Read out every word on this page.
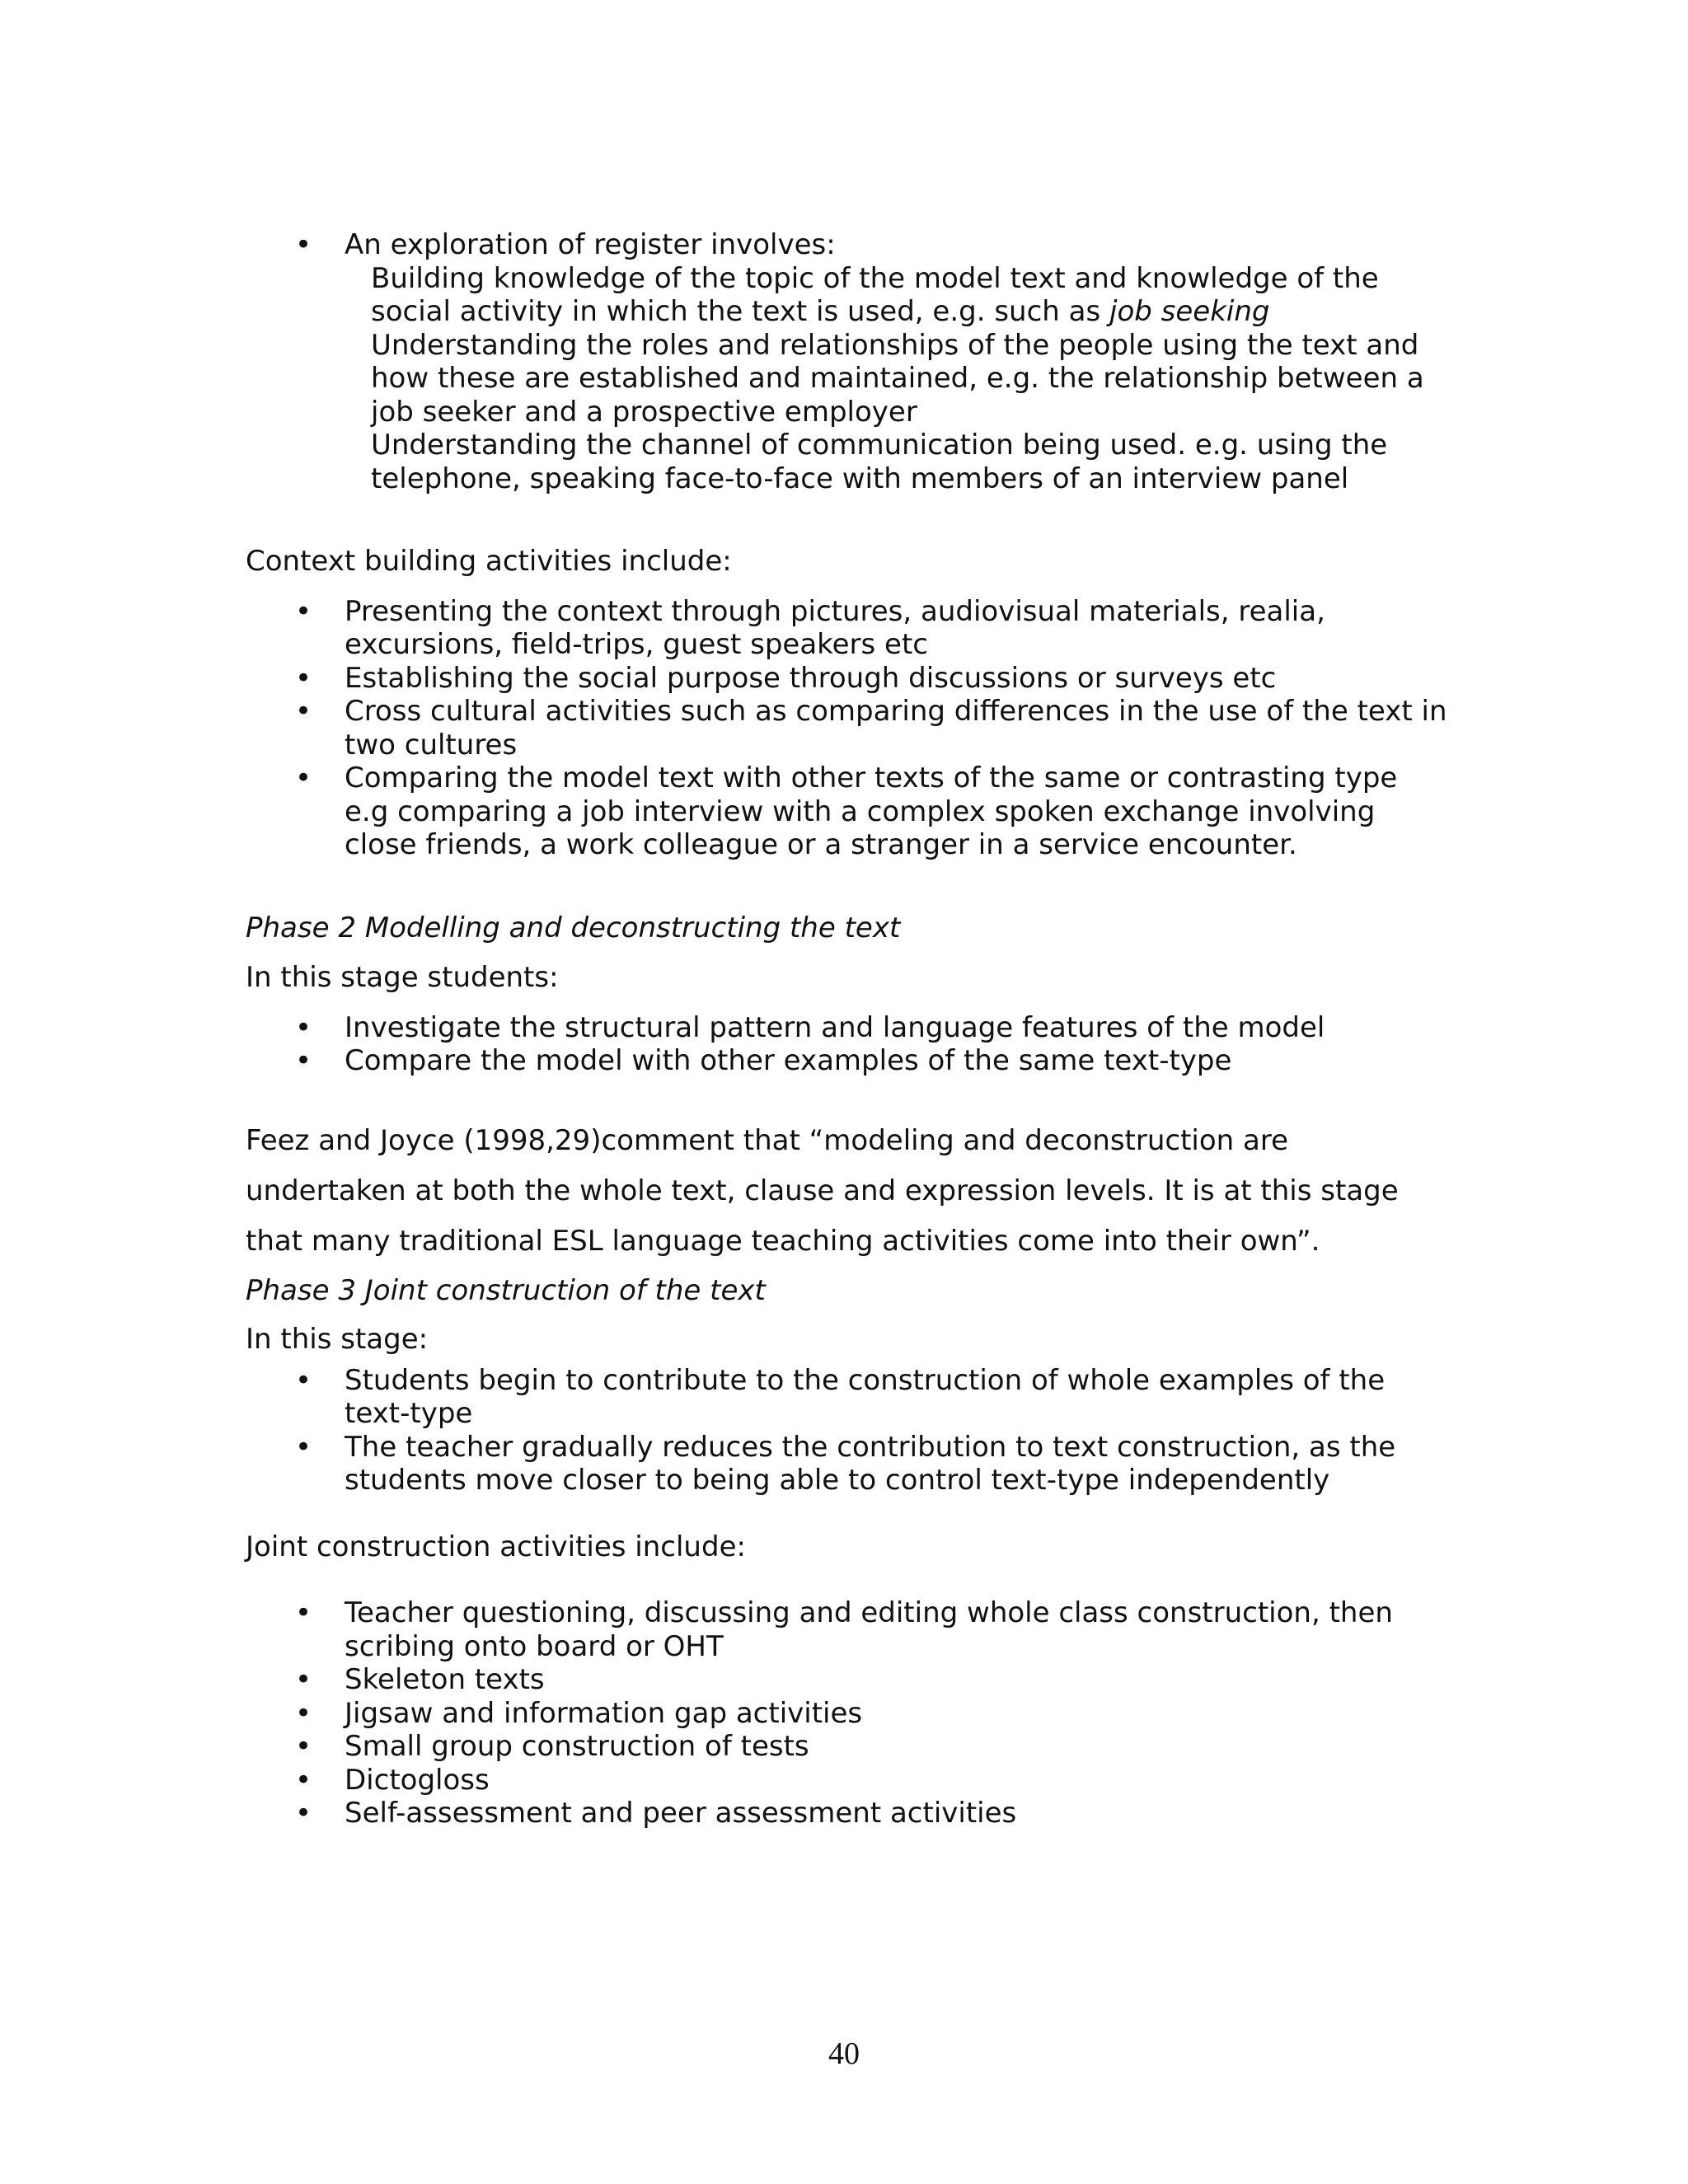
• An exploration of register involves:
Building knowledge of the topic of the model text and knowledge of the social activity in which the text is used, e.g. such as job seeking
Understanding the roles and relationships of the people using the text and how these are established and maintained, e.g. the relationship between a job seeker and a prospective employer
Understanding the channel of communication being used. e.g. using the telephone, speaking face-to-face with members of an interview panel

Context building activities include:

• Presenting the context through pictures, audiovisual materials, realia, excursions, field-trips, guest speakers etc
• Establishing the social purpose through discussions or surveys etc
• Cross cultural activities such as comparing differences in the use of the text in two cultures
• Comparing the model text with other texts of the same or contrasting type e.g comparing a job interview with a complex spoken exchange involving close friends, a work colleague or a stranger in a service encounter.

Phase 2 Modelling and deconstructing the text

In this stage students:

• Investigate the structural pattern and language features of the model
• Compare the model with other examples of the same text-type

Feez and Joyce (1998,29)comment that “modeling and deconstruction are

undertaken at both the whole text, clause and expression levels. It is at this stage

that many traditional ESL language teaching activities come into their own”.

Phase 3 Joint construction of the text

In this stage:

• Students begin to contribute to the construction of whole examples of the text-type
• The teacher gradually reduces the contribution to text construction, as the students move closer to being able to control text-type independently

Joint construction activities include:

• Teacher questioning, discussing and editing whole class construction, then scribing onto board or OHT
• Skeleton texts
• Jigsaw and information gap activities
• Small group construction of tests
• Dictogloss
• Self-assessment and peer assessment activities
40
